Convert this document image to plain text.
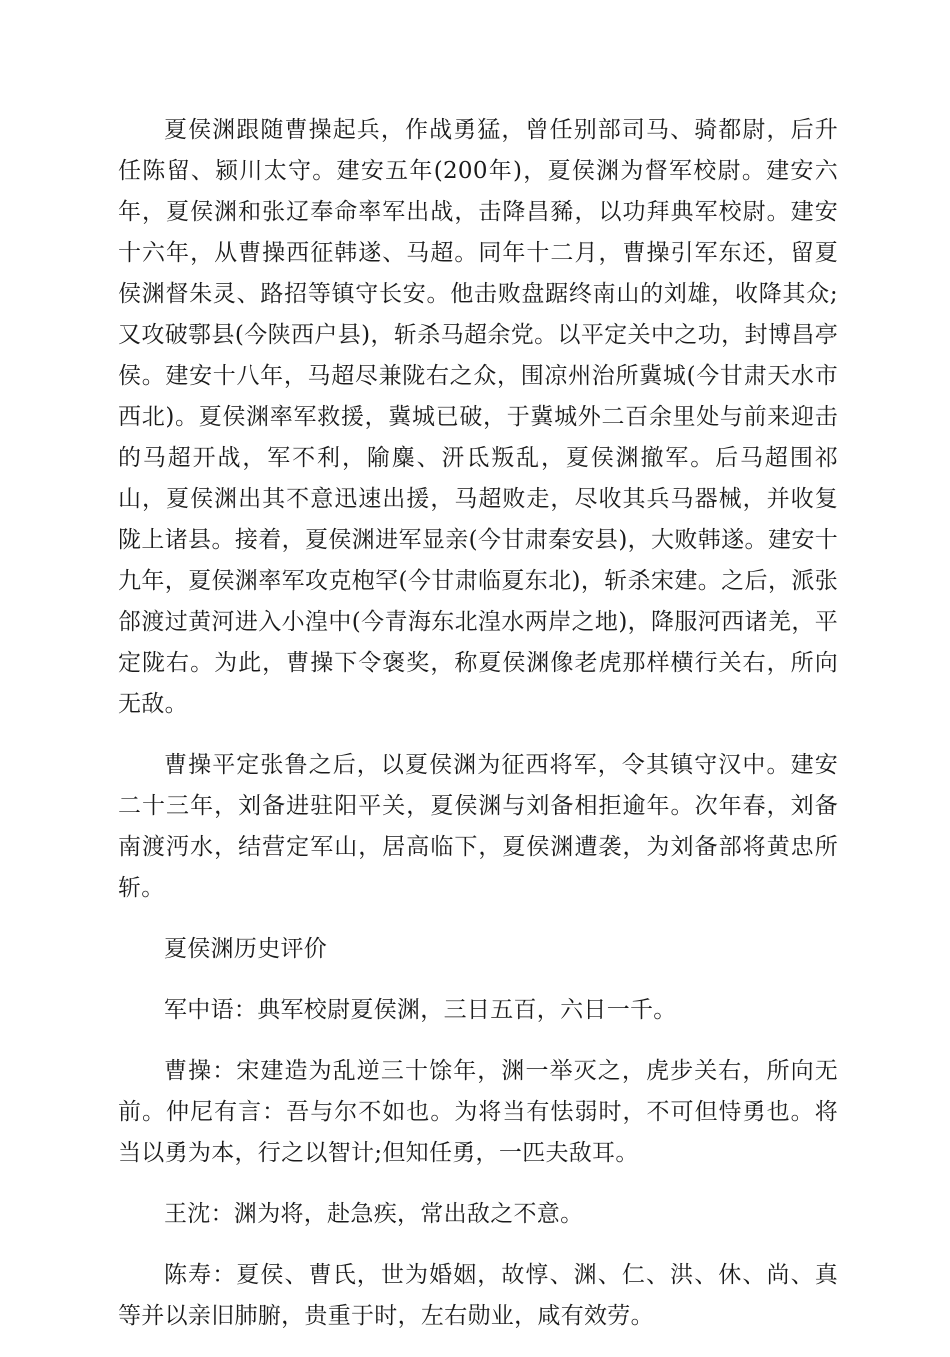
夏侯渊跟随曹操起兵，作战勇猛，曾任别部司马、骑都尉，后升任陈留、颍川太守。建安五年(200年)，夏侯渊为督军校尉。建安六年，夏侯渊和张辽奉命率军出战，击降昌豨，以功拜典军校尉。建安十六年，从曹操西征韩遂、马超。同年十二月，曹操引军东还，留夏侯渊督朱灵、路招等镇守长安。他击败盘踞终南山的刘雄，收降其众;又攻破鄠县(今陕西户县)，斩杀马超余党。以平定关中之功，封博昌亭侯。建安十八年，马超尽兼陇右之众，围凉州治所冀城(今甘肃天水市西北)。夏侯渊率军救援，冀城已破，于冀城外二百余里处与前来迎击的马超开战，军不利，隃麋、汧氐叛乱，夏侯渊撤军。后马超围祁山，夏侯渊出其不意迅速出援，马超败走，尽收其兵马器械，并收复陇上诸县。接着，夏侯渊进军显亲(今甘肃秦安县)，大败韩遂。建安十九年，夏侯渊率军攻克枹罕(今甘肃临夏东北)，斩杀宋建。之后，派张郃渡过黄河进入小湟中(今青海东北湟水两岸之地)，降服河西诸羌，平定陇右。为此，曹操下令褒奖，称夏侯渊像老虎那样横行关右，所向无敌。

曹操平定张鲁之后，以夏侯渊为征西将军，令其镇守汉中。建安二十三年，刘备进驻阳平关，夏侯渊与刘备相拒逾年。次年春，刘备南渡沔水，结营定军山，居高临下，夏侯渊遭袭，为刘备部将黄忠所斩。

夏侯渊历史评价

军中语：典军校尉夏侯渊，三日五百，六日一千。

曹操：宋建造为乱逆三十馀年，渊一举灭之，虎步关右，所向无前。仲尼有言：吾与尔不如也。为将当有怯弱时，不可但恃勇也。将当以勇为本，行之以智计;但知任勇，一匹夫敌耳。

王沈：渊为将，赴急疾，常出敌之不意。

陈寿：夏侯、曹氏，世为婚姻，故惇、渊、仁、洪、休、尚、真等并以亲旧肺腑，贵重于时，左右勋业，咸有效劳。
